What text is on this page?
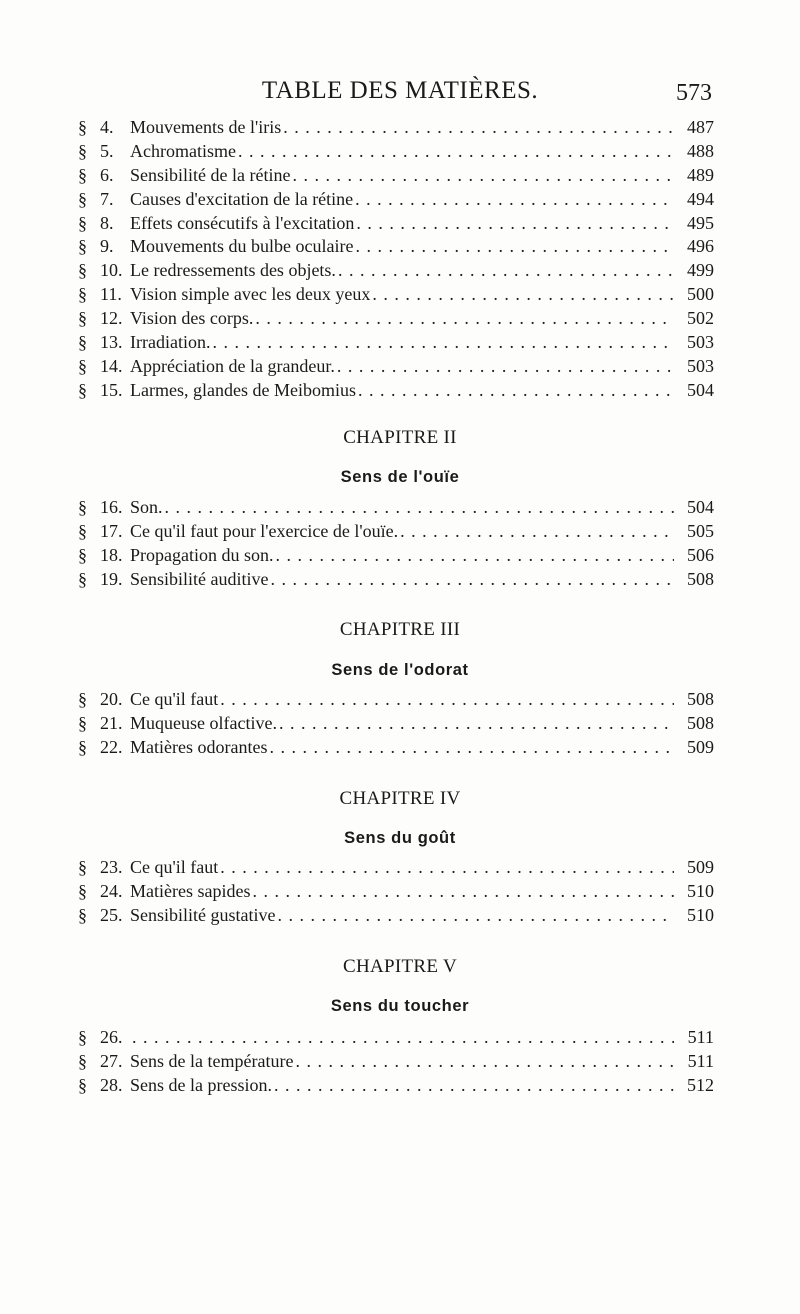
TABLE DES MATIÈRES.	573
§ 4. Mouvements de l'iris . . .	487
§ 5. Achromatisme . . .	488
§ 6. Sensibilité de la rétine . . .	489
§ 7. Causes d'excitation de la rétine . . .	494
§ 8. Effets consécutifs à l'excitation . . .	495
§ 9. Mouvements du bulbe oculaire . . .	496
§ 10. Le redressements des objets. . . .	499
§ 11. Vision simple avec les deux yeux . . .	500
§ 12. Vision des corps. . . .	502
§ 13. Irradiation. . . .	503
§ 14. Appréciation de la grandeur. . . .	503
§ 15. Larmes, glandes de Meibomius . . .	504
CHAPITRE II
Sens de l'ouïe
§ 16. Son. . . .	504
§ 17. Ce qu'il faut pour l'exercice de l'ouïe. . . .	505
§ 18. Propagation du son. . . .	506
§ 19. Sensibilité auditive . . .	508
CHAPITRE III
Sens de l'odorat
§ 20. Ce qu'il faut . . .	508
§ 21. Muqueuse olfactive. . . .	508
§ 22. Matières odorantes . . .	509
CHAPITRE IV
Sens du goût
§ 23. Ce qu'il faut . . .	509
§ 24. Matières sapides . . .	510
§ 25. Sensibilité gustative . . .	510
CHAPITRE V
Sens du toucher
§ 26. . . .	511
§ 27. Sens de la température . . .	511
§ 28. Sens de la pression. . . .	512
